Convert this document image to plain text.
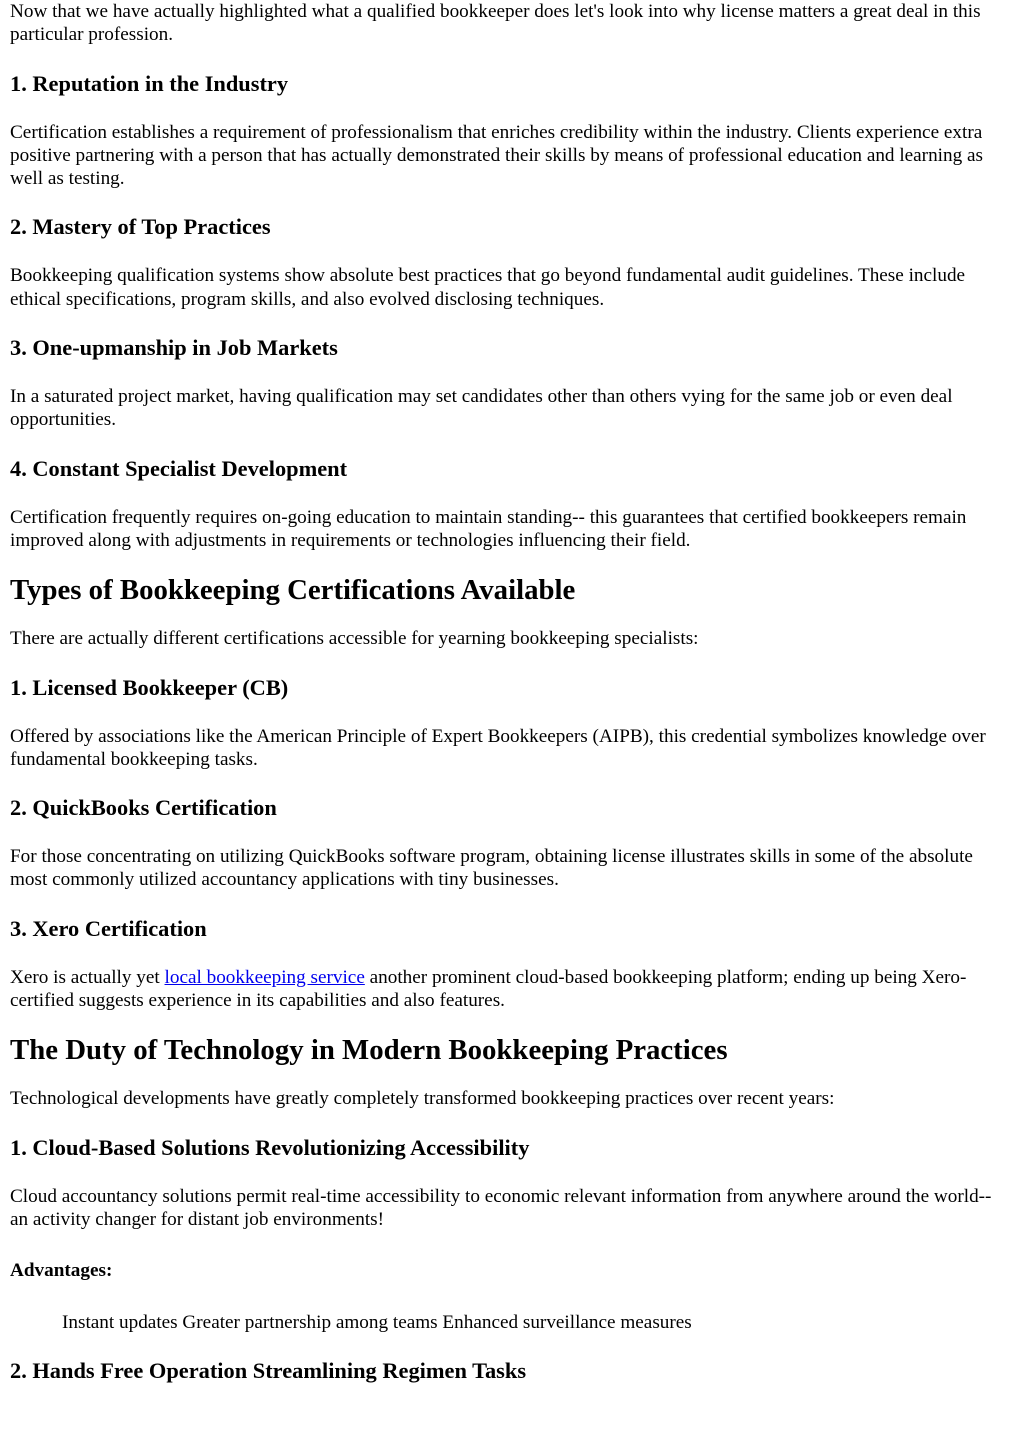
Now that we have actually highlighted what a qualified bookkeeper does let's look into why license matters a great deal in this particular profession.

1. Reputation in the Industry

Certification establishes a requirement of professionalism that enriches credibility within the industry. Clients experience extra positive partnering with a person that has actually demonstrated their skills by means of professional education and learning as well as testing.

2. Mastery of Top Practices

Bookkeeping qualification systems show absolute best practices that go beyond fundamental audit guidelines. These include ethical specifications, program skills, and also evolved disclosing techniques.

3. One-upmanship in Job Markets

In a saturated project market, having qualification may set candidates other than others vying for the same job or even deal opportunities.

4. Constant Specialist Development

Certification frequently requires on-going education to maintain standing-- this guarantees that certified bookkeepers remain improved along with adjustments in requirements or technologies influencing their field.

Types of Bookkeeping Certifications Available

There are actually different certifications accessible for yearning bookkeeping specialists:

1. Licensed Bookkeeper (CB)

Offered by associations like the American Principle of Expert Bookkeepers (AIPB), this credential symbolizes knowledge over fundamental bookkeeping tasks.

2. QuickBooks Certification

For those concentrating on utilizing QuickBooks software program, obtaining license illustrates skills in some of the absolute most commonly utilized accountancy applications with tiny businesses.

3. Xero Certification

Xero is actually yet local bookkeeping service another prominent cloud-based bookkeeping platform; ending up being Xero-certified suggests experience in its capabilities and also features.

The Duty of Technology in Modern Bookkeeping Practices

Technological developments have greatly completely transformed bookkeeping practices over recent years:

1. Cloud-Based Solutions Revolutionizing Accessibility

Cloud accountancy solutions permit real-time accessibility to economic relevant information from anywhere around the world-- an activity changer for distant job environments!

Advantages:

Instant updates Greater partnership among teams Enhanced surveillance measures

2. Hands Free Operation Streamlining Regimen Tasks
